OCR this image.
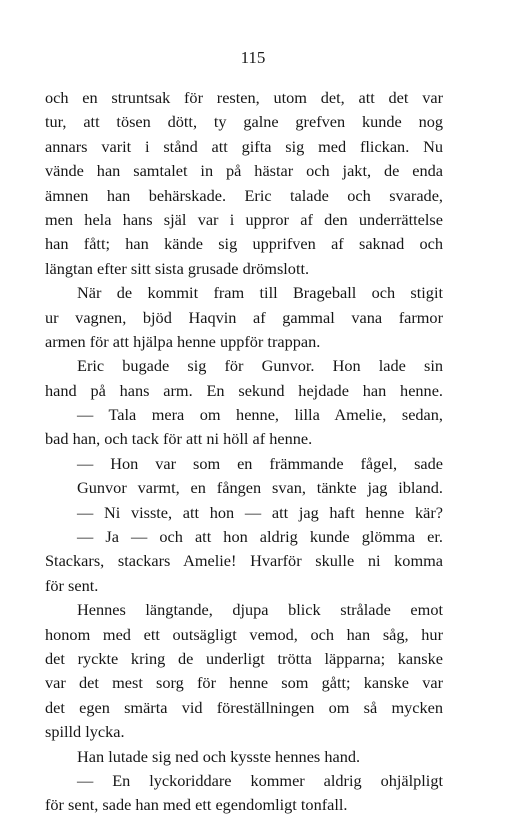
115
och en struntsak för resten, utom det, att det var
tur, att tösen dött, ty galne grefven kunde nog
annars varit i stånd att gifta sig med flickan. Nu
vände han samtalet in på hästar och jakt, de enda
ämnen han behärskade. Eric talade och svarade,
men hela hans själ var i uppror af den underrättelse
han fått; han kände sig upprifven af saknad och
längtan efter sitt sista grusade drömslott.
När de kommit fram till Brageball och stigit
ur vagnen, bjöd Haqvin af gammal vana farmor
armen för att hjälpa henne uppför trappan.
Eric bugade sig för Gunvor. Hon lade sin
hand på hans arm. En sekund hejdade han henne.
— Tala mera om henne, lilla Amelie, sedan,
bad han, och tack för att ni höll af henne.
— Hon var som en främmande fågel, sade
Gunvor varmt, en fången svan, tänkte jag ibland.
— Ni visste, att hon — att jag haft henne kär?
— Ja — och att hon aldrig kunde glömma er.
Stackars, stackars Amelie! Hvarför skulle ni komma
för sent.
Hennes längtande, djupa blick strålade emot
honom med ett outsägligt vemod, och han såg, hur
det ryckte kring de underligt trötta läpparna; kanske
var det mest sorg för henne som gått; kanske var
det egen smärta vid föreställningen om så mycken
spilld lycka.
Han lutade sig ned och kysste hennes hand.
— En lyckoriddare kommer aldrig ohjälpligt
för sent, sade han med ett egendomligt tonfall.
